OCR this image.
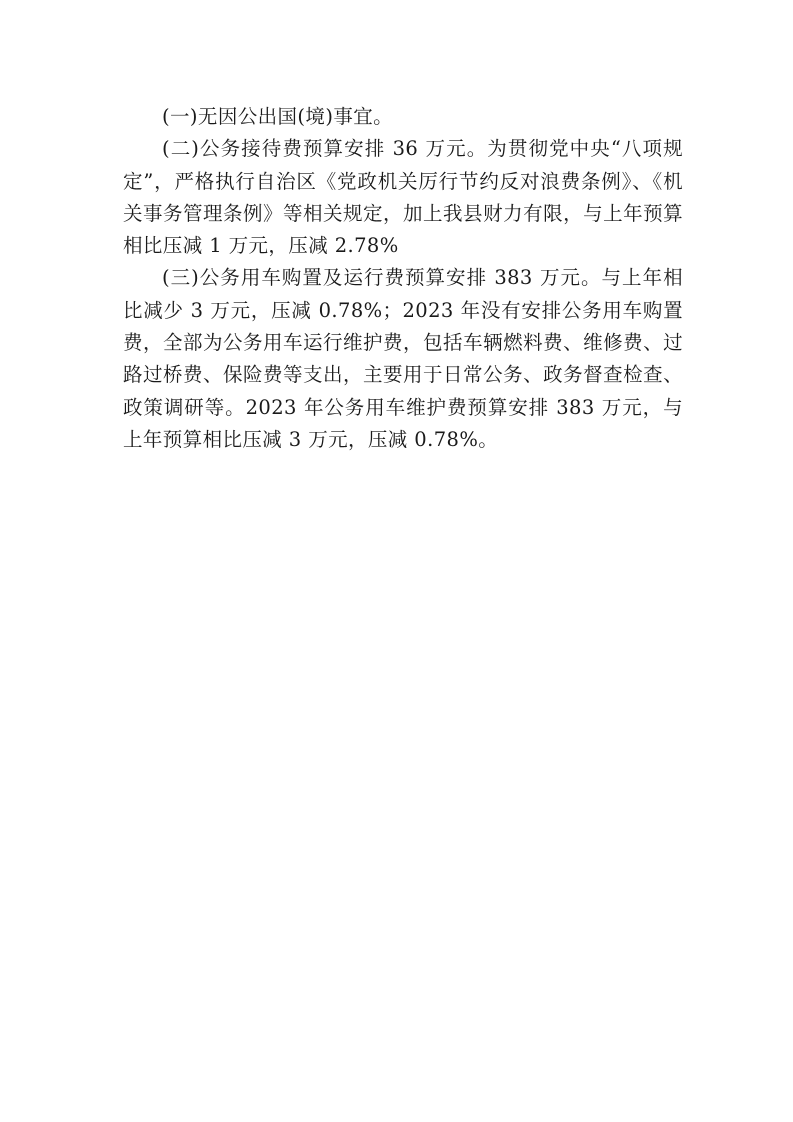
(一)无因公出国(境)事宜。

(二)公务接待费预算安排 36 万元。为贯彻党中央“八项规定”，严格执行自治区《党政机关厉行节约反对浪费条例》、《机关事务管理条例》等相关规定，加上我县财力有限，与上年预算相比压减 1 万元，压减 2.78%

(三)公务用车购置及运行费预算安排 383 万元。与上年相比减少 3 万元，压减 0.78%；2023 年没有安排公务用车购置费，全部为公务用车运行维护费，包括车辆燃料费、维修费、过路过桥费、保险费等支出，主要用于日常公务、政务督查检查、政策调研等。2023 年公务用车维护费预算安排 383 万元，与上年预算相比压减 3 万元，压减 0.78%。
